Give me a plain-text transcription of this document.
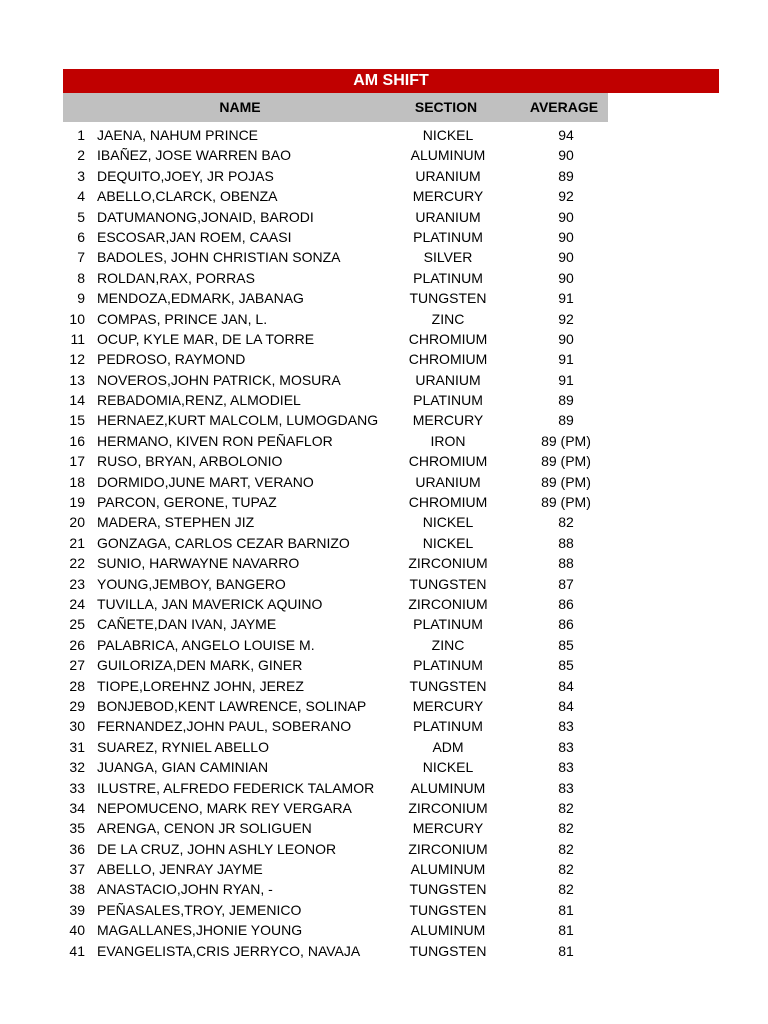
AM SHIFT
NAME	SECTION	AVERAGE
1 JAENA, NAHUM PRINCE	NICKEL	94
2 IBAÑEZ, JOSE WARREN BAO	ALUMINUM	90
3 DEQUITO,JOEY, JR POJAS	URANIUM	89
4 ABELLO,CLARCK, OBENZA	MERCURY	92
5 DATUMANONG,JONAID, BARODI	URANIUM	90
6 ESCOSAR,JAN ROEM, CAASI	PLATINUM	90
7 BADOLES, JOHN CHRISTIAN SONZA	SILVER	90
8 ROLDAN,RAX, PORRAS	PLATINUM	90
9 MENDOZA,EDMARK, JABANAG	TUNGSTEN	91
10 COMPAS, PRINCE JAN, L.	ZINC	92
11 OCUP, KYLE MAR, DE LA TORRE	CHROMIUM	90
12 PEDROSO, RAYMOND	CHROMIUM	91
13 NOVEROS,JOHN PATRICK, MOSURA	URANIUM	91
14 REBADOMIA,RENZ, ALMODIEL	PLATINUM	89
15 HERNAEZ,KURT MALCOLM, LUMOGDANG	MERCURY	89
16 HERMANO, KIVEN RON PEÑAFLOR	IRON	89 (PM)
17 RUSO, BRYAN, ARBOLONIO	CHROMIUM	89 (PM)
18 DORMIDO,JUNE MART, VERANO	URANIUM	89 (PM)
19 PARCON, GERONE, TUPAZ	CHROMIUM	89 (PM)
20 MADERA, STEPHEN JIZ	NICKEL	82
21 GONZAGA, CARLOS CEZAR BARNIZO	NICKEL	88
22 SUNIO, HARWAYNE NAVARRO	ZIRCONIUM	88
23 YOUNG,JEMBOY, BANGERO	TUNGSTEN	87
24 TUVILLA, JAN MAVERICK AQUINO	ZIRCONIUM	86
25 CAÑETE,DAN IVAN, JAYME	PLATINUM	86
26 PALABRICA, ANGELO LOUISE M.	ZINC	85
27 GUILORIZA,DEN MARK, GINER	PLATINUM	85
28 TIOPE,LOREHNZ JOHN, JEREZ	TUNGSTEN	84
29 BONJEBOD,KENT LAWRENCE, SOLINAP	MERCURY	84
30 FERNANDEZ,JOHN PAUL, SOBERANO	PLATINUM	83
31 SUAREZ, RYNIEL ABELLO	ADM	83
32 JUANGA, GIAN CAMINIAN	NICKEL	83
33 ILUSTRE, ALFREDO FEDERICK TALAMOR	ALUMINUM	83
34 NEPOMUCENO, MARK REY VERGARA	ZIRCONIUM	82
35 ARENGA, CENON JR SOLIGUEN	MERCURY	82
36 DE LA CRUZ, JOHN ASHLY LEONOR	ZIRCONIUM	82
37 ABELLO, JENRAY JAYME	ALUMINUM	82
38 ANASTACIO,JOHN RYAN, -	TUNGSTEN	82
39 PEÑASALES,TROY, JEMENICO	TUNGSTEN	81
40 MAGALLANES,JHONIE YOUNG	ALUMINUM	81
41 EVANGELISTA,CRIS JERRYCO, NAVAJA	TUNGSTEN	81
